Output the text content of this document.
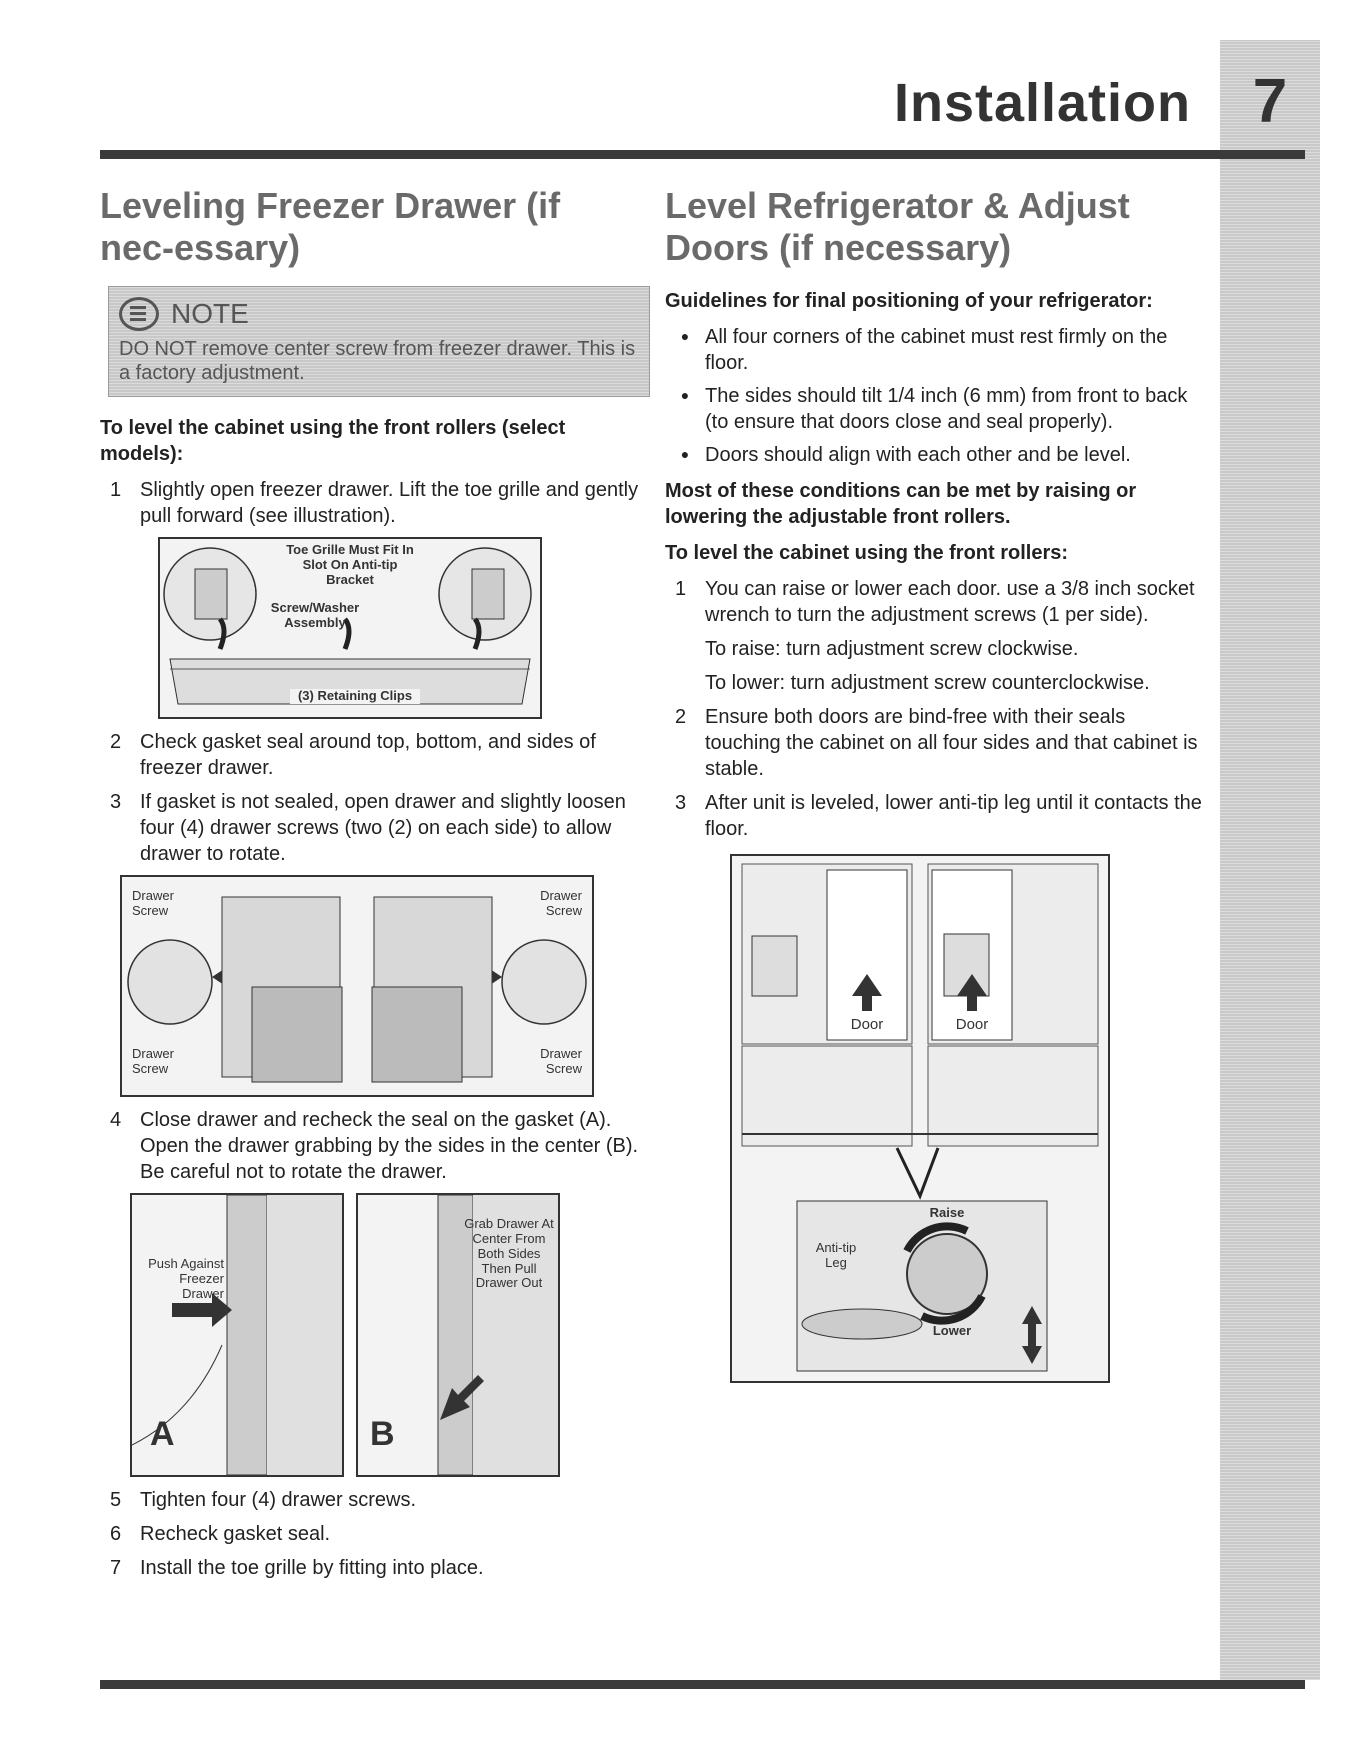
Installation 7
Leveling Freezer Drawer (if nec-essary)
NOTE
DO NOT remove center screw from freezer drawer. This is a factory adjustment.
To level the cabinet using the front rollers (select models):
1 Slightly open freezer drawer. Lift the toe grille and gently pull forward (see illustration).
Toe Grille Must Fit In Slot On Anti-tip Bracket
Screw/Washer Assembly
(3) Retaining Clips
2 Check gasket seal around top, bottom, and sides of freezer drawer.
3 If gasket is not sealed, open drawer and slightly loosen four (4) drawer screws (two (2) on each side) to allow drawer to rotate.
Drawer Screw
Drawer Screw
Drawer Screw
Drawer Screw
4 Close drawer and recheck the seal on the gasket (A). Open the drawer grabbing by the sides in the center (B). Be careful not to rotate the drawer.
Push Against Freezer Drawer
A
Grab Drawer At Center From Both Sides Then Pull Drawer Out
B
5 Tighten four (4) drawer screws.
6 Recheck gasket seal.
7 Install the toe grille by fitting into place.
Level Refrigerator & Adjust Doors (if necessary)
Guidelines for final positioning of your refrigerator:
● All four corners of the cabinet must rest firmly on the floor.
● The sides should tilt 1/4 inch (6 mm) from front to back (to ensure that doors close and seal properly).
● Doors should align with each other and be level.
Most of these conditions can be met by raising or lowering the adjustable front rollers.
To level the cabinet using the front rollers:
1 You can raise or lower each door. use a 3/8 inch socket wrench to turn the adjustment screws (1 per side).
To raise: turn adjustment screw clockwise.
To lower: turn adjustment screw counterclockwise.
2 Ensure both doors are bind-free with their seals touching the cabinet on all four sides and that cabinet is stable.
3 After unit is leveled, lower anti-tip leg until it contacts the floor.
Door	Door
Raise
Anti-tip Leg
Lower
